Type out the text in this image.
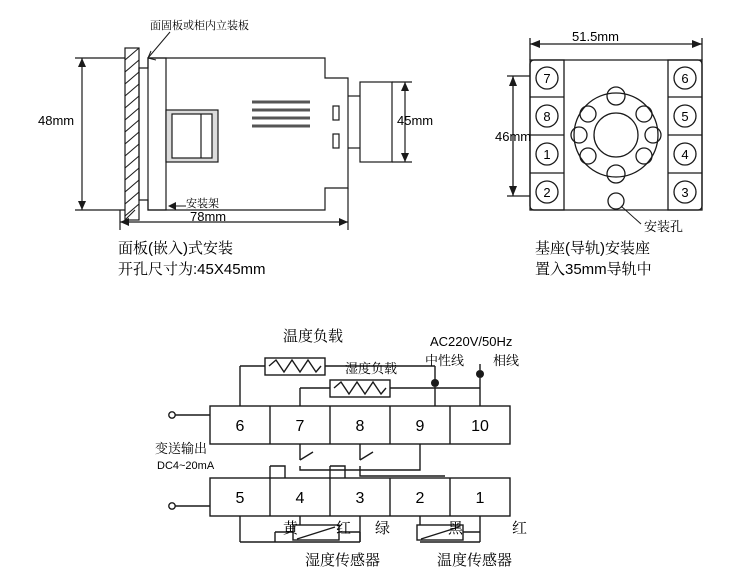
面固板或柜内立装板
48mm	45mm
78mm
安装架
7
8
1
2
6
5
4
3
51.5mm
46mm
安装孔
面板(嵌入)式安装
开孔尺寸为:45X45mm
基座(导轨)安装座
置入35mm导轨中
6	7	8	9	10
5	4	3	2	1
温度负载
湿度负载
AC220V/50Hz
中性线 相线
变送输出
DC4~20mA
黄	红 绿	黑	红
湿度传感器	温度传感器
